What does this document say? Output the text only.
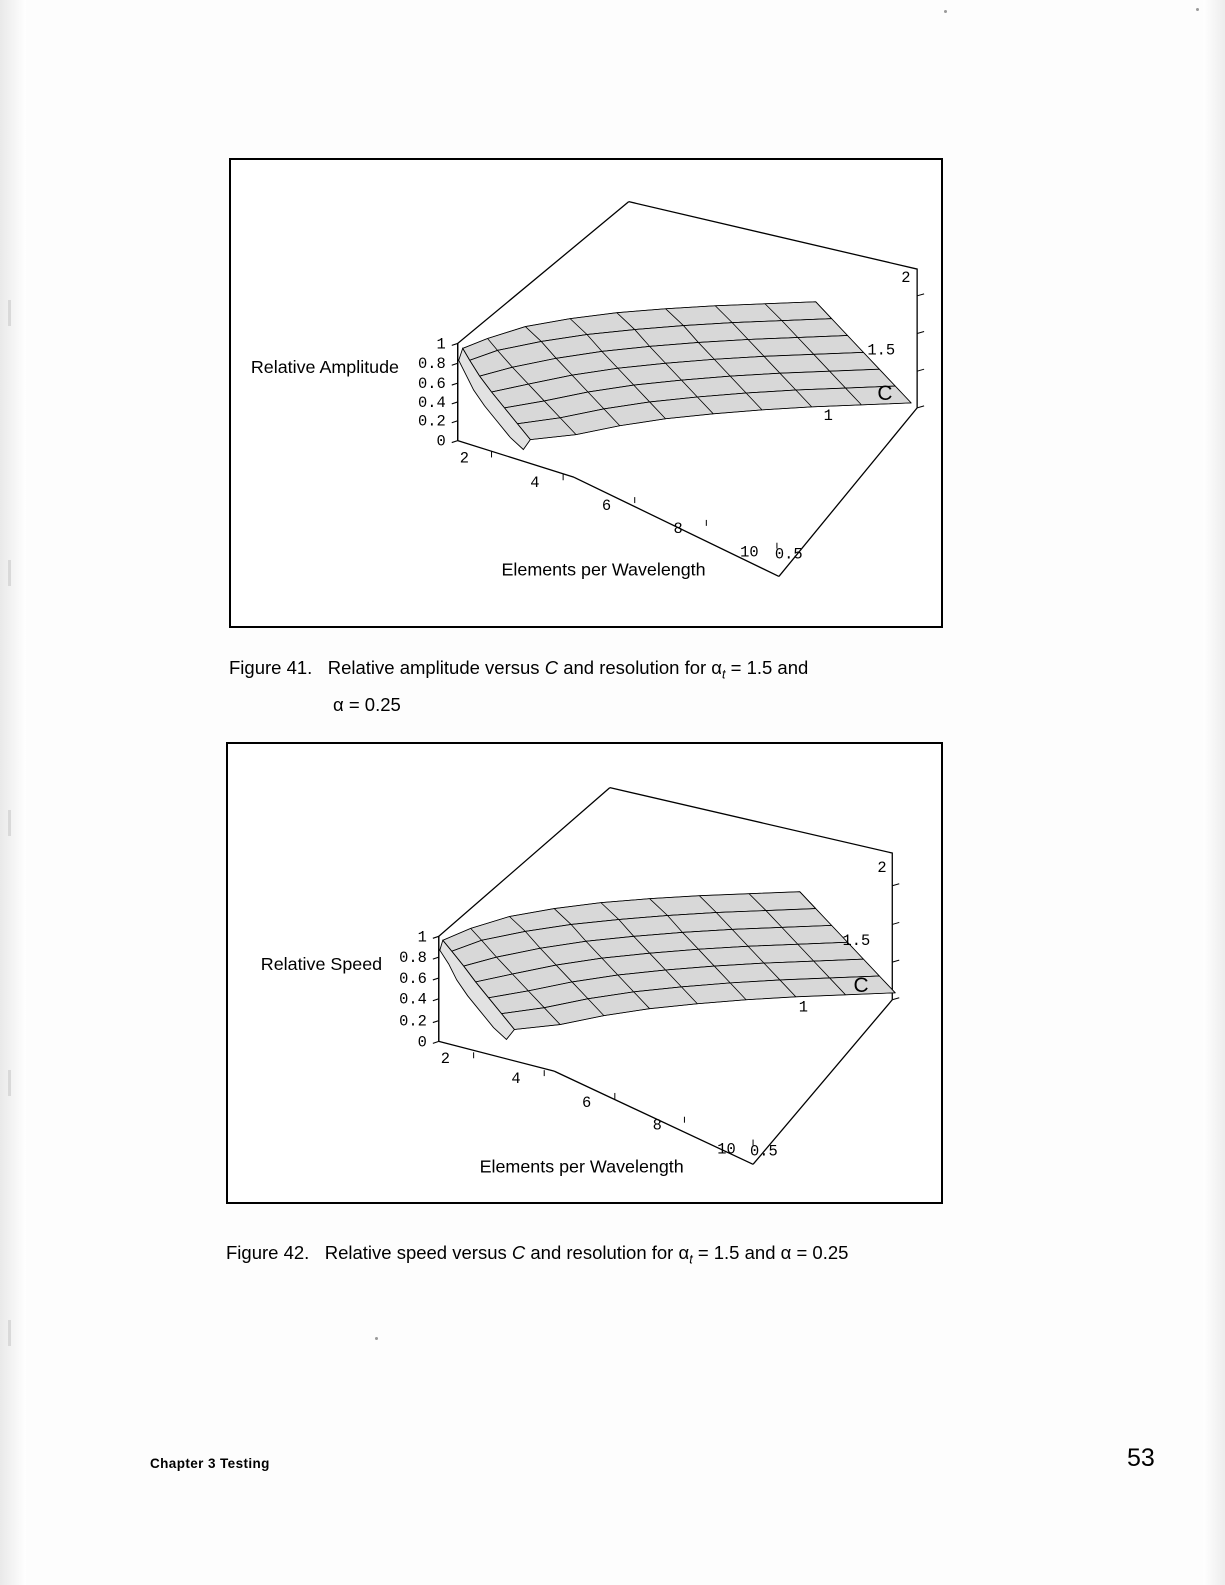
1
0.8
0.6
0.4
0.2
0
2
4
6
8
10
2
1.5
1
0.5
Relative Amplitude
Elements per Wavelength
C
Figure 41. Relative amplitude versus C and resolution for $\alpha_t = 1.5$ and
α = 0.25
1
0.8
0.6
0.4
0.2
0
2
4
6
8
10
2
1.5
1
0.5
Relative Speed
Elements per Wavelength
C
Figure 42. Relative speed versus C and resolution for $\alpha_t = 1.5$ and α = 0.25
Chapter 3 Testing	53
